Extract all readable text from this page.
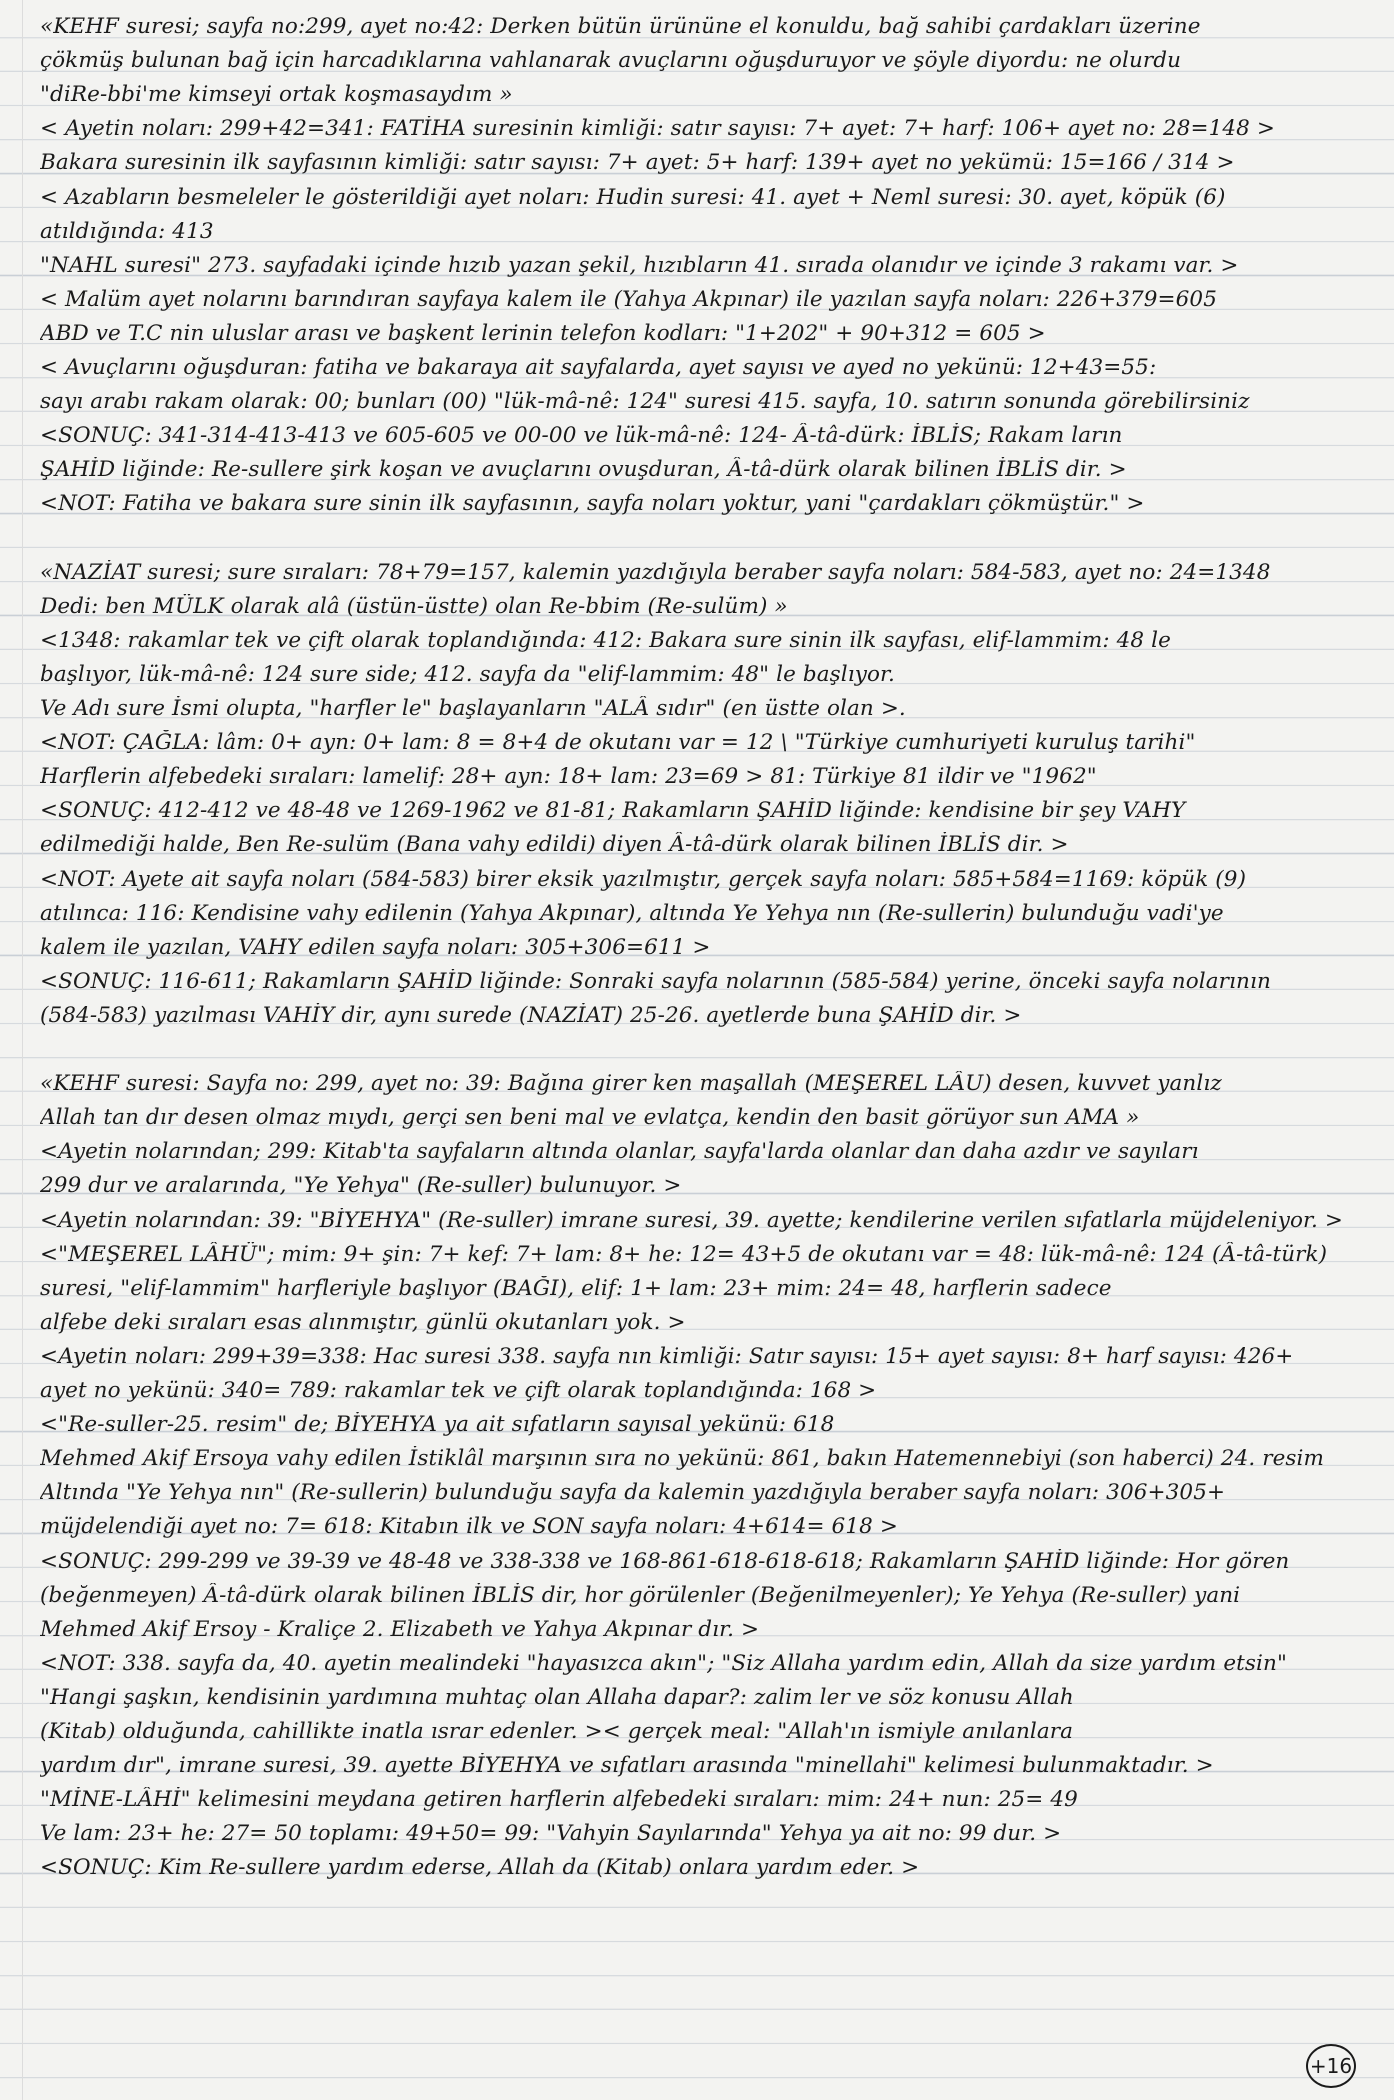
«KEHF suresi; sayfa no:299, ayet no:42: Derken bütün ürününe el konuldu, bağ sahibi çardakları üzerine
çökmüş bulunan bağ için harcadıklarına vahlanarak avuçlarını oğuşduruyor ve şöyle diyordu: ne olurdu
"diRe-bbi'me kimseyi ortak koşmasaydım »
< Ayetin noları: 299+42=341: FATİHA suresinin kimliği: satır sayısı: 7+ ayet: 7+ harf: 106+ ayet no: 28=148 >
Bakara suresinin ilk sayfasının kimliği: satır sayısı: 7+ ayet: 5+ harf: 139+ ayet no yekümü: 15=166 / 314 >
< Azabların besmeleler le gösterildiği ayet noları: Hudin suresi: 41. ayet + Neml suresi: 30. ayet, köpük (6)
atıldığında: 413
"NAHL suresi" 273. sayfadaki içinde hızıb yazan şekil, hızıbların 41. sırada olanıdır ve içinde 3 rakamı var. >
< Malüm ayet nolarını barındıran sayfaya kalem ile (Yahya Akpınar) ile yazılan sayfa noları: 226+379=605
ABD ve T.C nin uluslar arası ve başkent lerinin telefon kodları: "1+202" + 90+312 = 605 >
< Avuçlarını oğuşduran: fatiha ve bakaraya ait sayfalarda, ayet sayısı ve ayed no yekünü: 12+43=55:
sayı arabı rakam olarak: 00; bunları (00) "lük-mâ-nê: 124" suresi 415. sayfa, 10. satırın sonunda görebilirsiniz
<SONUÇ: 341-314-413-413 ve 605-605 ve 00-00 ve lük-mâ-nê: 124- Â-tâ-dürk: İBLİS; Rakam ların
ŞAHİD liğinde: Re-sullere şirk koşan ve avuçlarını ovuşduran, Â-tâ-dürk olarak bilinen İBLİS dir. >
<NOT: Fatiha ve bakara sure sinin ilk sayfasının, sayfa noları yoktur, yani "çardakları çökmüştür." >
«NAZİAT suresi; sure sıraları: 78+79=157, kalemin yazdığıyla beraber sayfa noları: 584-583, ayet no: 24=1348
Dedi: ben MÜLK olarak alâ (üstün-üstte) olan Re-bbim (Re-sulüm) »
<1348: rakamlar tek ve çift olarak toplandığında: 412: Bakara sure sinin ilk sayfası, elif-lammim: 48 le
başlıyor, lük-mâ-nê: 124 sure side; 412. sayfa da "elif-lammim: 48" le başlıyor.
Ve Adı sure İsmi olupta, "harfler le" başlayanların "ALÂ sıdır" (en üstte olan >.
<NOT: ÇAĞLA: lâm: 0+ ayn: 0+ lam: 8 = 8+4 de okutanı var = 12 \ "Türkiye cumhuriyeti kuruluş tarihi"
Harflerin alfebedeki sıraları: lamelif: 28+ ayn: 18+ lam: 23=69 > 81: Türkiye 81 ildir ve "1962"
<SONUÇ: 412-412 ve 48-48 ve 1269-1962 ve 81-81; Rakamların ŞAHİD liğinde: kendisine bir şey VAHY
edilmediği halde, Ben Re-sulüm (Bana vahy edildi) diyen Â-tâ-dürk olarak bilinen İBLİS dir. >
<NOT: Ayete ait sayfa noları (584-583) birer eksik yazılmıştır, gerçek sayfa noları: 585+584=1169: köpük (9)
atılınca: 116: Kendisine vahy edilenin (Yahya Akpınar), altında Ye Yehya nın (Re-sullerin) bulunduğu vadi'ye
kalem ile yazılan, VAHY edilen sayfa noları: 305+306=611 >
<SONUÇ: 116-611; Rakamların ŞAHİD liğinde: Sonraki sayfa nolarının (585-584) yerine, önceki sayfa nolarının
(584-583) yazılması VAHİY dir, aynı surede (NAZİAT) 25-26. ayetlerde buna ŞAHİD dir. >
«KEHF suresi: Sayfa no: 299, ayet no: 39: Bağına girer ken maşallah (MEŞEREL LÂU) desen, kuvvet yanlız
Allah tan dır desen olmaz mıydı, gerçi sen beni mal ve evlatça, kendin den basit görüyor sun AMA »
<Ayetin nolarından; 299: Kitab'ta sayfaların altında olanlar, sayfa'larda olanlar dan daha azdır ve sayıları
299 dur ve aralarında, "Ye Yehya" (Re-suller) bulunuyor. >
<Ayetin nolarından: 39: "BİYEHYA" (Re-suller) imrane suresi, 39. ayette; kendilerine verilen sıfatlarla müjdeleniyor. >
<"MEŞEREL LÂHÜ"; mim: 9+ şin: 7+ kef: 7+ lam: 8+ he: 12= 43+5 de okutanı var = 48: lük-mâ-nê: 124 (Â-tâ-türk)
suresi, "elif-lammim" harfleriyle başlıyor (BAĞI), elif: 1+ lam: 23+ mim: 24= 48, harflerin sadece
alfebe deki sıraları esas alınmıştır, günlü okutanları yok. >
<Ayetin noları: 299+39=338: Hac suresi 338. sayfa nın kimliği: Satır sayısı: 15+ ayet sayısı: 8+ harf sayısı: 426+
ayet no yekünü: 340= 789: rakamlar tek ve çift olarak toplandığında: 168 >
<"Re-suller-25. resim" de; BİYEHYA ya ait sıfatların sayısal yekünü: 618
Mehmed Akif Ersoya vahy edilen İstiklâl marşının sıra no yekünü: 861, bakın Hatemennebiyi (son haberci) 24. resim
Altında "Ye Yehya nın" (Re-sullerin) bulunduğu sayfa da kalemin yazdığıyla beraber sayfa noları: 306+305+
müjdelendiği ayet no: 7= 618: Kitabın ilk ve SON sayfa noları: 4+614= 618 >
<SONUÇ: 299-299 ve 39-39 ve 48-48 ve 338-338 ve 168-861-618-618-618; Rakamların ŞAHİD liğinde: Hor gören
(beğenmeyen) Â-tâ-dürk olarak bilinen İBLİS dir, hor görülenler (Beğenilmeyenler); Ye Yehya (Re-suller) yani
Mehmed Akif Ersoy - Kraliçe 2. Elizabeth ve Yahya Akpınar dır. >
<NOT: 338. sayfa da, 40. ayetin mealindeki "hayasızca akın"; "Siz Allaha yardım edin, Allah da size yardım etsin"
"Hangi şaşkın, kendisinin yardımına muhtaç olan Allaha dapar?: zalim ler ve söz konusu Allah
(Kitab) olduğunda, cahillikte inatla ısrar edenler. >< gerçek meal: "Allah'ın ismiyle anılanlara
yardım dır", imrane suresi, 39. ayette BİYEHYA ve sıfatları arasında "minellahi" kelimesi bulunmaktadır. >
"MİNE-LÂHİ" kelimesini meydana getiren harflerin alfebedeki sıraları: mim: 24+ nun: 25= 49
Ve lam: 23+ he: 27= 50 toplamı: 49+50= 99: "Vahyin Sayılarında" Yehya ya ait no: 99 dur. >
<SONUÇ: Kim Re-sullere yardım ederse, Allah da (Kitab) onlara yardım eder. >
+16
